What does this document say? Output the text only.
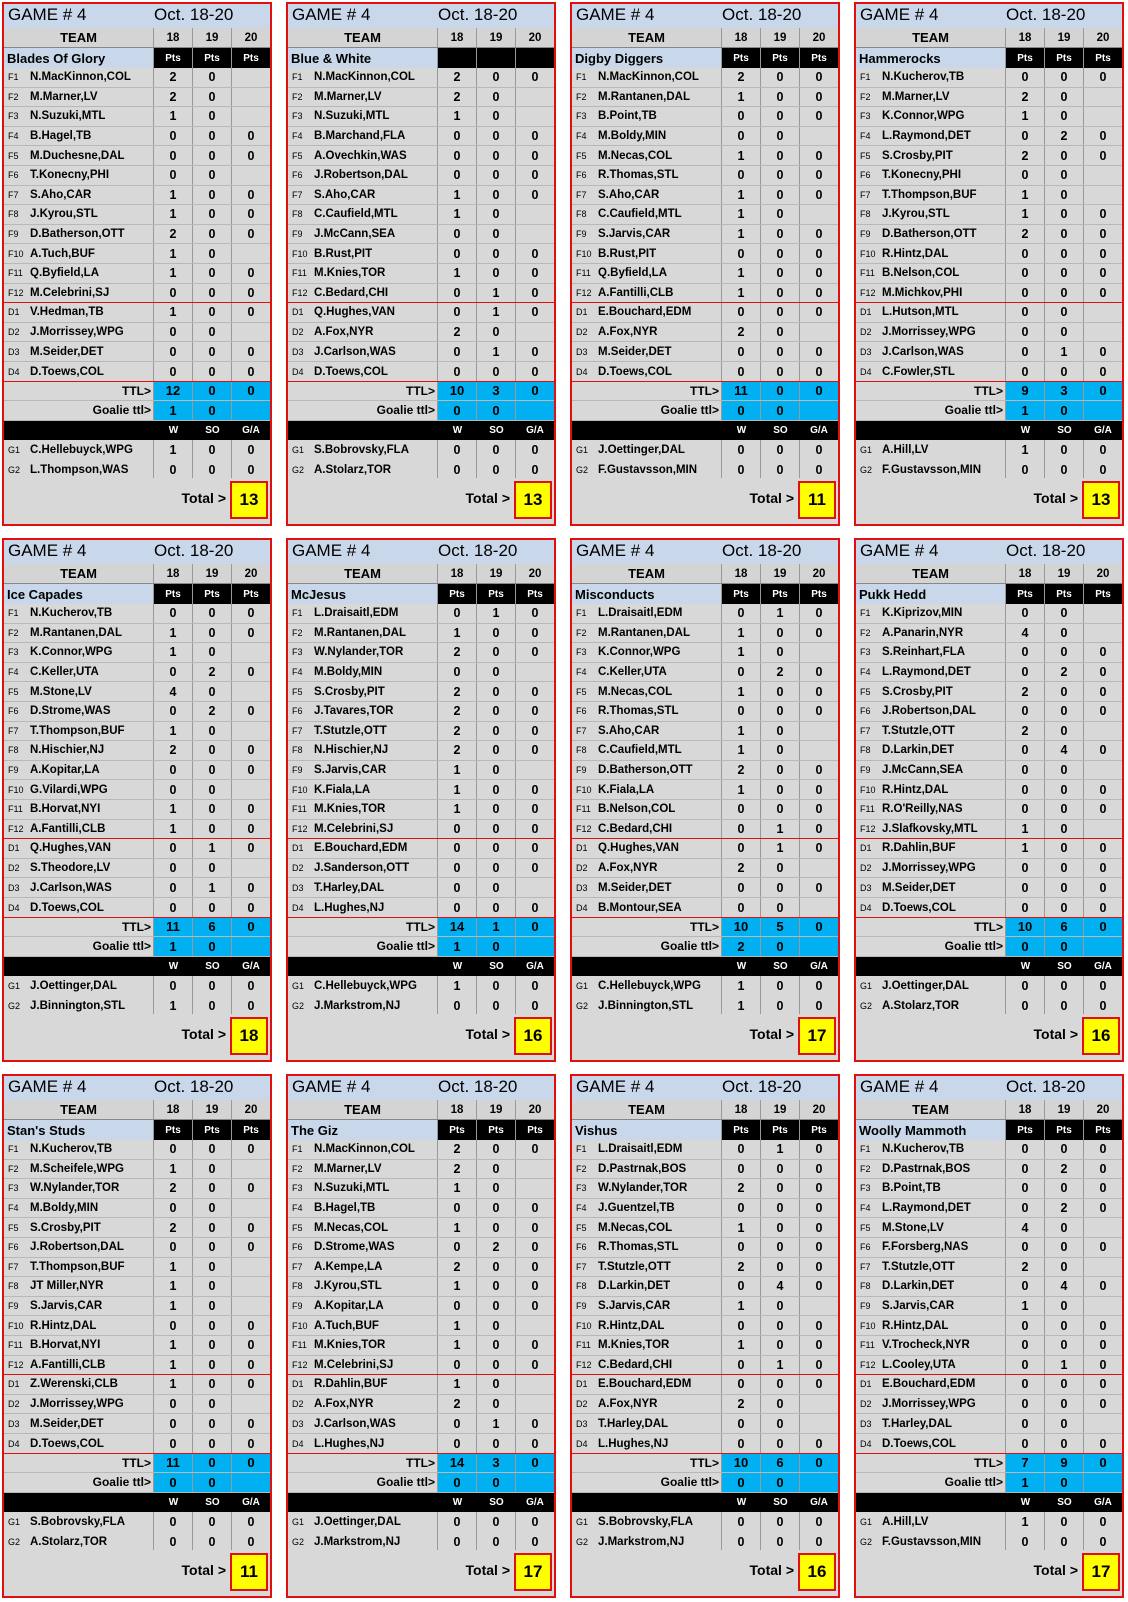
GAME # 4	Oct. 18-20
TEAM	18	19	20
Blades Of Glory	Pts	Pts	Pts
F1 N.MacKinnon,COL	2	0
F2 M.Marner,LV	2	0
F3 N.Suzuki,MTL	1	0
F4 B.Hagel,TB	0	0	0
F5 M.Duchesne,DAL	0	0	0
F6 T.Konecny,PHI	0	0
F7 S.Aho,CAR	1	0	0
F8 J.Kyrou,STL	1	0	0
F9 D.Batherson,OTT	2	0	0
F10 A.Tuch,BUF	1	0
F11 Q.Byfield,LA	1	0	0
F12 M.Celebrini,SJ	0	0	0
D1 V.Hedman,TB	1	0	0
D2 J.Morrissey,WPG	0	0
D3 M.Seider,DET	0	0	0
D4 D.Toews,COL	0	0	0
TTL>	12	0	0
Goalie ttl>	1	0
W	SO	G/A
G1 C.Hellebuyck,WPG	1	0	0
G2 L.Thompson,WAS	0	0	0
Total > 13
GAME # 4	Oct. 18-20
TEAM	18	19	20
Blue & White
F1 N.MacKinnon,COL	2	0	0
F2 M.Marner,LV	2	0
F3 N.Suzuki,MTL	1	0
F4 B.Marchand,FLA	0	0	0
F5 A.Ovechkin,WAS	0	0	0
F6 J.Robertson,DAL	0	0	0
F7 S.Aho,CAR	1	0	0
F8 C.Caufield,MTL	1	0
F9 J.McCann,SEA	0	0
F10 B.Rust,PIT	0	0	0
F11 M.Knies,TOR	1	0	0
F12 C.Bedard,CHI	0	1	0
D1 Q.Hughes,VAN	0	1	0
D2 A.Fox,NYR	2	0
D3 J.Carlson,WAS	0	1	0
D4 D.Toews,COL	0	0	0
TTL>	10	3	0
Goalie ttl>	0	0
W	SO	G/A
G1 S.Bobrovsky,FLA	0	0	0
G2 A.Stolarz,TOR	0	0	0
Total > 13
GAME # 4	Oct. 18-20
TEAM	18	19	20
Digby Diggers	Pts	Pts	Pts
F1 N.MacKinnon,COL	2	0	0
F2 M.Rantanen,DAL	1	0	0
F3 B.Point,TB	0	0	0
F4 M.Boldy,MIN	0	0
F5 M.Necas,COL	1	0	0
F6 R.Thomas,STL	0	0	0
F7 S.Aho,CAR	1	0	0
F8 C.Caufield,MTL	1	0
F9 S.Jarvis,CAR	1	0	0
F10 B.Rust,PIT	0	0	0
F11 Q.Byfield,LA	1	0	0
F12 A.Fantilli,CLB	1	0	0
D1 E.Bouchard,EDM	0	0	0
D2 A.Fox,NYR	2	0
D3 M.Seider,DET	0	0	0
D4 D.Toews,COL	0	0	0
TTL>	11	0	0
Goalie ttl>	0	0
W	SO	G/A
G1 J.Oettinger,DAL	0	0	0
G2 F.Gustavsson,MIN	0	0	0
Total > 11
GAME # 4	Oct. 18-20
TEAM	18	19	20
Hammerocks	Pts	Pts	Pts
F1 N.Kucherov,TB	0	0	0
F2 M.Marner,LV	2	0
F3 K.Connor,WPG	1	0
F4 L.Raymond,DET	0	2	0
F5 S.Crosby,PIT	2	0	0
F6 T.Konecny,PHI	0	0
F7 T.Thompson,BUF	1	0
F8 J.Kyrou,STL	1	0	0
F9 D.Batherson,OTT	2	0	0
F10 R.Hintz,DAL	0	0	0
F11 B.Nelson,COL	0	0	0
F12 M.Michkov,PHI	0	0	0
D1 L.Hutson,MTL	0	0
D2 J.Morrissey,WPG	0	0
D3 J.Carlson,WAS	0	1	0
D4 C.Fowler,STL	0	0	0
TTL>	9	3	0
Goalie ttl>	1	0
W	SO	G/A
G1 A.Hill,LV	1	0	0
G2 F.Gustavsson,MIN	0	0	0
Total > 13
GAME # 4	Oct. 18-20
TEAM	18	19	20
Ice Capades	Pts	Pts	Pts
F1 N.Kucherov,TB	0	0	0
F2 M.Rantanen,DAL	1	0	0
F3 K.Connor,WPG	1	0
F4 C.Keller,UTA	0	2	0
F5 M.Stone,LV	4	0
F6 D.Strome,WAS	0	2	0
F7 T.Thompson,BUF	1	0
F8 N.Hischier,NJ	2	0	0
F9 A.Kopitar,LA	0	0	0
F10 G.Vilardi,WPG	0	0
F11 B.Horvat,NYI	1	0	0
F12 A.Fantilli,CLB	1	0	0
D1 Q.Hughes,VAN	0	1	0
D2 S.Theodore,LV	0	0
D3 J.Carlson,WAS	0	1	0
D4 D.Toews,COL	0	0	0
TTL>	11	6	0
Goalie ttl>	1	0
W	SO	G/A
G1 J.Oettinger,DAL	0	0	0
G2 J.Binnington,STL	1	0	0
Total > 18
GAME # 4	Oct. 18-20
TEAM	18	19	20
McJesus	Pts	Pts	Pts
F1 L.Draisaitl,EDM	0	1	0
F2 M.Rantanen,DAL	1	0	0
F3 W.Nylander,TOR	2	0	0
F4 M.Boldy,MIN	0	0
F5 S.Crosby,PIT	2	0	0
F6 J.Tavares,TOR	2	0	0
F7 T.Stutzle,OTT	2	0	0
F8 N.Hischier,NJ	2	0	0
F9 S.Jarvis,CAR	1	0
F10 K.Fiala,LA	1	0	0
F11 M.Knies,TOR	1	0	0
F12 M.Celebrini,SJ	0	0	0
D1 E.Bouchard,EDM	0	0	0
D2 J.Sanderson,OTT	0	0	0
D3 T.Harley,DAL	0	0
D4 L.Hughes,NJ	0	0	0
TTL>	14	1	0
Goalie ttl>	1	0
W	SO	G/A
G1 C.Hellebuyck,WPG	1	0	0
G2 J.Markstrom,NJ	0	0	0
Total > 16
GAME # 4	Oct. 18-20
TEAM	18	19	20
Misconducts	Pts	Pts	Pts
F1 L.Draisaitl,EDM	0	1	0
F2 M.Rantanen,DAL	1	0	0
F3 K.Connor,WPG	1	0
F4 C.Keller,UTA	0	2	0
F5 M.Necas,COL	1	0	0
F6 R.Thomas,STL	0	0	0
F7 S.Aho,CAR	1	0
F8 C.Caufield,MTL	1	0
F9 D.Batherson,OTT	2	0	0
F10 K.Fiala,LA	1	0	0
F11 B.Nelson,COL	0	0	0
F12 C.Bedard,CHI	0	1	0
D1 Q.Hughes,VAN	0	1	0
D2 A.Fox,NYR	2	0
D3 M.Seider,DET	0	0	0
D4 B.Montour,SEA	0	0
TTL>	10	5	0
Goalie ttl>	2	0
W	SO	G/A
G1 C.Hellebuyck,WPG	1	0	0
G2 J.Binnington,STL	1	0	0
Total > 17
GAME # 4	Oct. 18-20
TEAM	18	19	20
Pukk Hedd	Pts	Pts	Pts
F1 K.Kiprizov,MIN	0	0
F2 A.Panarin,NYR	4	0
F3 S.Reinhart,FLA	0	0	0
F4 L.Raymond,DET	0	2	0
F5 S.Crosby,PIT	2	0	0
F6 J.Robertson,DAL	0	0	0
F7 T.Stutzle,OTT	2	0
F8 D.Larkin,DET	0	4	0
F9 J.McCann,SEA	0	0
F10 R.Hintz,DAL	0	0	0
F11 R.O'Reilly,NAS	0	0	0
F12 J.Slafkovsky,MTL	1	0
D1 R.Dahlin,BUF	1	0	0
D2 J.Morrissey,WPG	0	0	0
D3 M.Seider,DET	0	0	0
D4 D.Toews,COL	0	0	0
TTL>	10	6	0
Goalie ttl>	0	0
W	SO	G/A
G1 J.Oettinger,DAL	0	0	0
G2 A.Stolarz,TOR	0	0	0
Total > 16
GAME # 4	Oct. 18-20
TEAM	18	19	20
Stan's Studs	Pts	Pts	Pts
F1 N.Kucherov,TB	0	0	0
F2 M.Scheifele,WPG	1	0
F3 W.Nylander,TOR	2	0	0
F4 M.Boldy,MIN	0	0
F5 S.Crosby,PIT	2	0	0
F6 J.Robertson,DAL	0	0	0
F7 T.Thompson,BUF	1	0
F8 JT Miller,NYR	1	0
F9 S.Jarvis,CAR	1	0
F10 R.Hintz,DAL	0	0	0
F11 B.Horvat,NYI	1	0	0
F12 A.Fantilli,CLB	1	0	0
D1 Z.Werenski,CLB	1	0	0
D2 J.Morrissey,WPG	0	0
D3 M.Seider,DET	0	0	0
D4 D.Toews,COL	0	0	0
TTL>	11	0	0
Goalie ttl>	0	0
W	SO	G/A
G1 S.Bobrovsky,FLA	0	0	0
G2 A.Stolarz,TOR	0	0	0
Total > 11
GAME # 4	Oct. 18-20
TEAM	18	19	20
The Giz	Pts	Pts	Pts
F1 N.MacKinnon,COL	2	0	0
F2 M.Marner,LV	2	0
F3 N.Suzuki,MTL	1	0
F4 B.Hagel,TB	0	0	0
F5 M.Necas,COL	1	0	0
F6 D.Strome,WAS	0	2	0
F7 A.Kempe,LA	2	0	0
F8 J.Kyrou,STL	1	0	0
F9 A.Kopitar,LA	0	0	0
F10 A.Tuch,BUF	1	0
F11 M.Knies,TOR	1	0	0
F12 M.Celebrini,SJ	0	0	0
D1 R.Dahlin,BUF	1	0
D2 A.Fox,NYR	2	0
D3 J.Carlson,WAS	0	1	0
D4 L.Hughes,NJ	0	0	0
TTL>	14	3	0
Goalie ttl>	0	0
W	SO	G/A
G1 J.Oettinger,DAL	0	0	0
G2 J.Markstrom,NJ	0	0	0
Total > 17
GAME # 4	Oct. 18-20
TEAM	18	19	20
Vishus	Pts	Pts	Pts
F1 L.Draisaitl,EDM	0	1	0
F2 D.Pastrnak,BOS	0	0	0
F3 W.Nylander,TOR	2	0	0
F4 J.Guentzel,TB	0	0	0
F5 M.Necas,COL	1	0	0
F6 R.Thomas,STL	0	0	0
F7 T.Stutzle,OTT	2	0	0
F8 D.Larkin,DET	0	4	0
F9 S.Jarvis,CAR	1	0
F10 R.Hintz,DAL	0	0	0
F11 M.Knies,TOR	1	0	0
F12 C.Bedard,CHI	0	1	0
D1 E.Bouchard,EDM	0	0	0
D2 A.Fox,NYR	2	0
D3 T.Harley,DAL	0	0
D4 L.Hughes,NJ	0	0	0
TTL>	10	6	0
Goalie ttl>	0	0
W	SO	G/A
G1 S.Bobrovsky,FLA	0	0	0
G2 J.Markstrom,NJ	0	0	0
Total > 16
GAME # 4	Oct. 18-20
TEAM	18	19	20
Woolly Mammoth	Pts	Pts	Pts
F1 N.Kucherov,TB	0	0	0
F2 D.Pastrnak,BOS	0	2	0
F3 B.Point,TB	0	0	0
F4 L.Raymond,DET	0	2	0
F5 M.Stone,LV	4	0
F6 F.Forsberg,NAS	0	0	0
F7 T.Stutzle,OTT	2	0
F8 D.Larkin,DET	0	4	0
F9 S.Jarvis,CAR	1	0
F10 R.Hintz,DAL	0	0	0
F11 V.Trocheck,NYR	0	0	0
F12 L.Cooley,UTA	0	1	0
D1 E.Bouchard,EDM	0	0	0
D2 J.Morrissey,WPG	0	0	0
D3 T.Harley,DAL	0	0
D4 D.Toews,COL	0	0	0
TTL>	7	9	0
Goalie ttl>	1	0
W	SO	G/A
G1 A.Hill,LV	1	0	0
G2 F.Gustavsson,MIN	0	0	0
Total > 17
